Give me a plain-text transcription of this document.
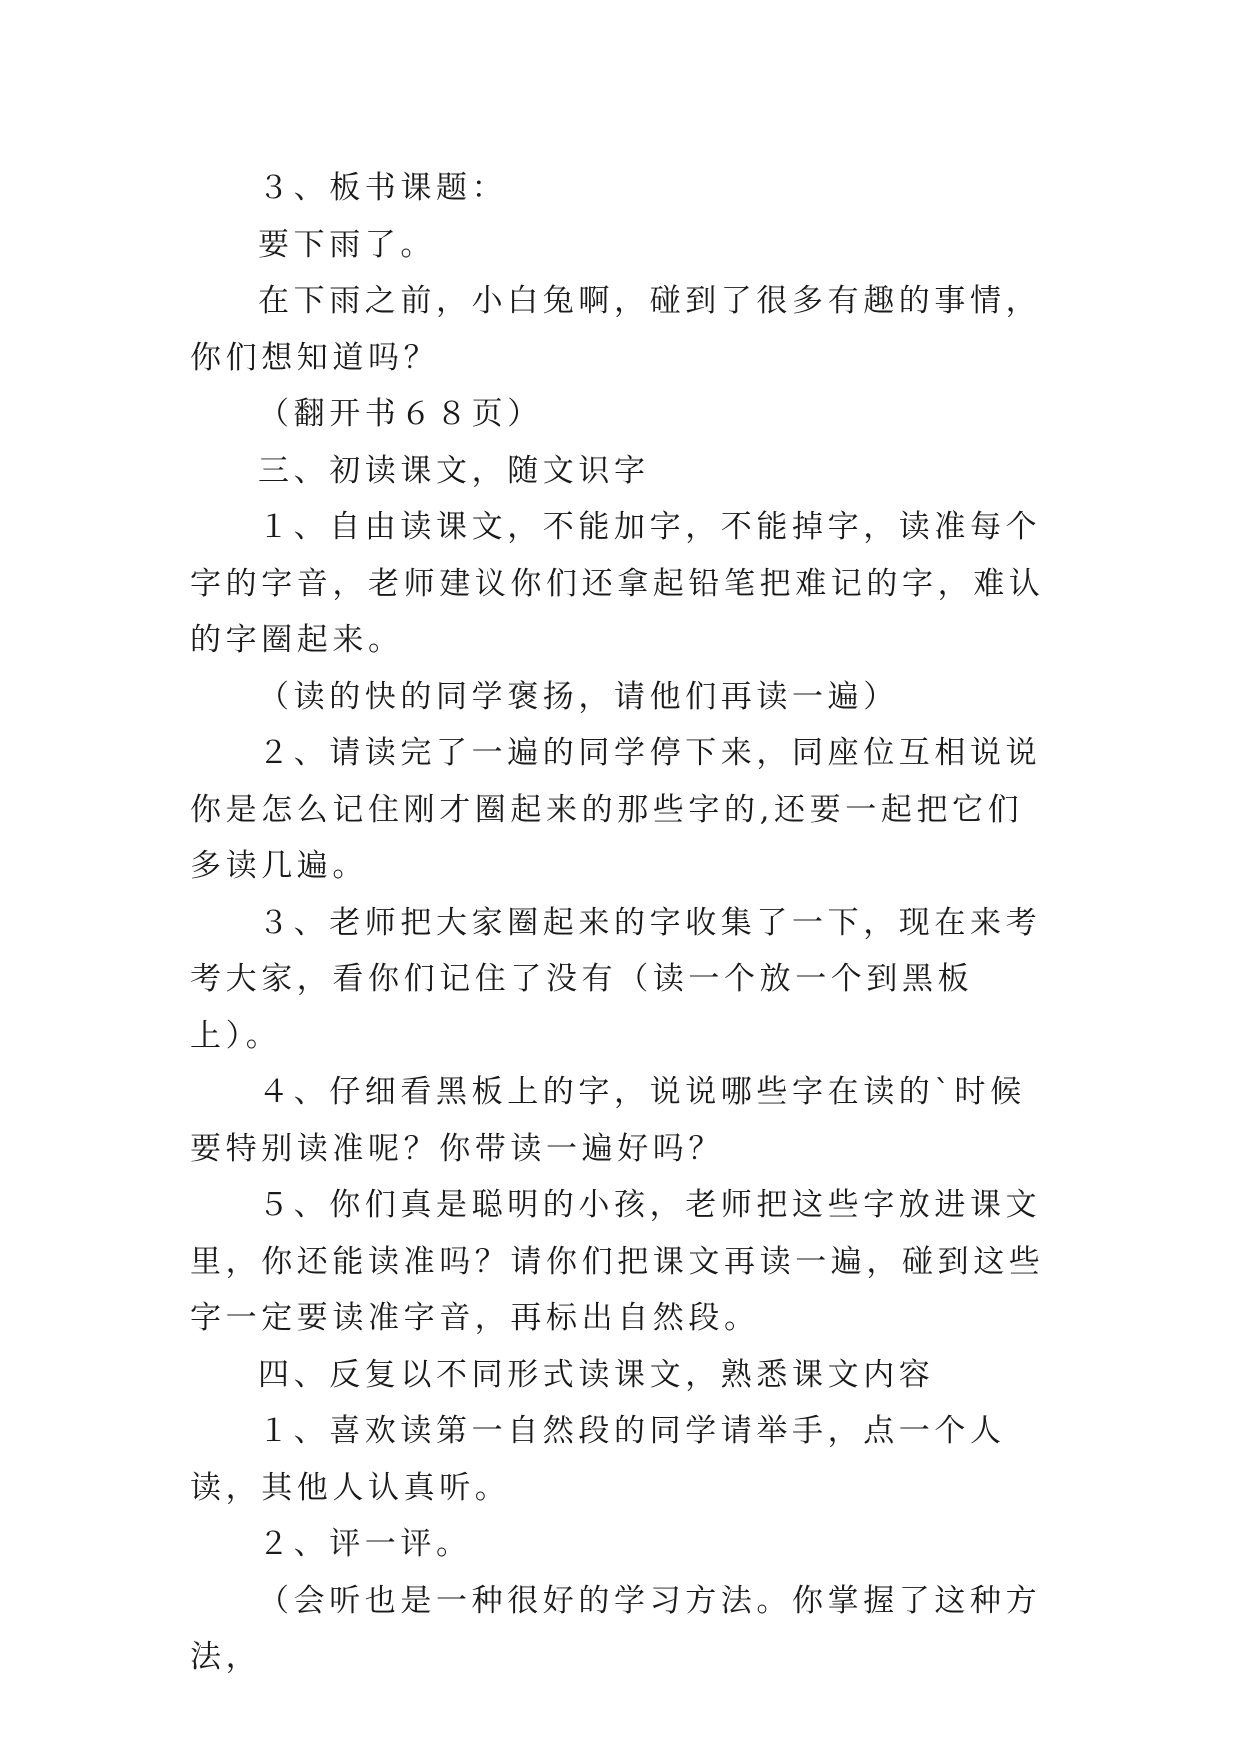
３、板书课题：

要下雨了。

在下雨之前，小白兔啊，碰到了很多有趣的事情，你们想知道吗？

（翻开书６８页）

三、初读课文，随文识字

１、自由读课文，不能加字，不能掉字，读准每个字的字音，老师建议你们还拿起铅笔把难记的字，难认的字圈起来。

（读的快的同学褒扬，请他们再读一遍）

２、请读完了一遍的同学停下来，同座位互相说说你是怎么记住刚才圈起来的那些字的,还要一起把它们多读几遍。

３、老师把大家圈起来的字收集了一下，现在来考考大家，看你们记住了没有（读一个放一个到黑板上）。

４、仔细看黑板上的字，说说哪些字在读的`时候要特别读准呢？你带读一遍好吗？

５、你们真是聪明的小孩，老师把这些字放进课文里，你还能读准吗？请你们把课文再读一遍，碰到这些字一定要读准字音，再标出自然段。

四、反复以不同形式读课文，熟悉课文内容

１、喜欢读第一自然段的同学请举手，点一个人读，其他人认真听。

２、评一评。

（会听也是一种很好的学习方法。你掌握了这种方法，
